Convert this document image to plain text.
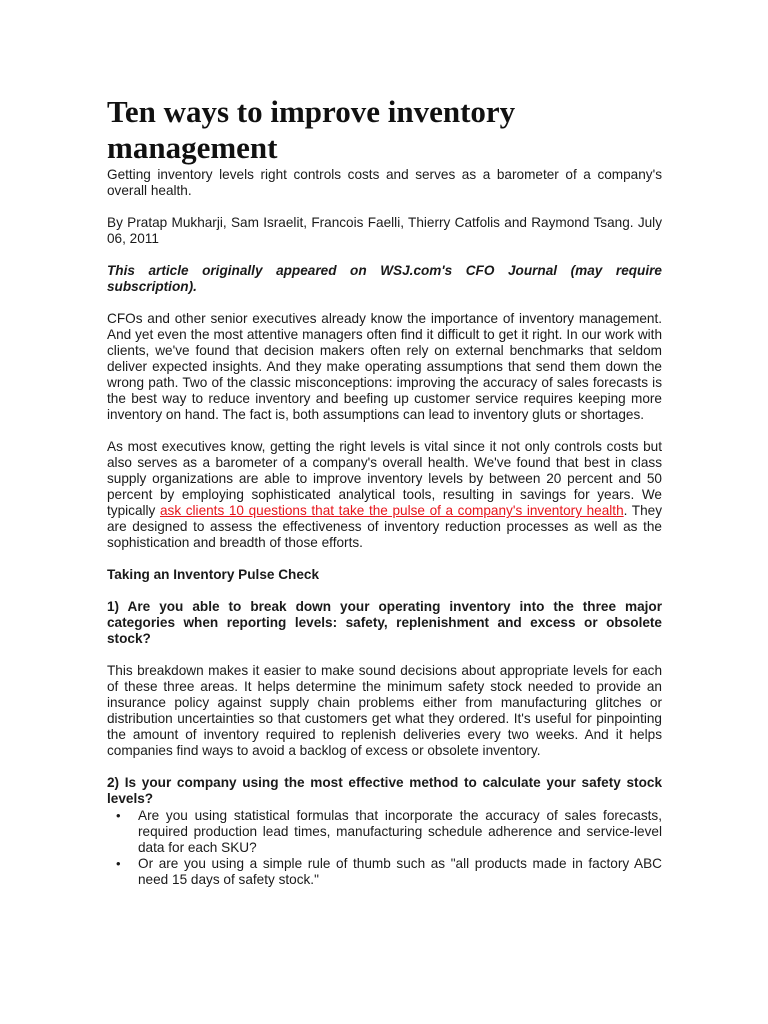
Ten ways to improve inventory management

Getting inventory levels right controls costs and serves as a barometer of a company's overall health.

By Pratap Mukharji, Sam Israelit, Francois Faelli, Thierry Catfolis and Raymond Tsang. July 06, 2011

This article originally appeared on WSJ.com's CFO Journal (may require subscription).

CFOs and other senior executives already know the importance of inventory management. And yet even the most attentive managers often find it difficult to get it right. In our work with clients, we've found that decision makers often rely on external benchmarks that seldom deliver expected insights. And they make operating assumptions that send them down the wrong path. Two of the classic misconceptions: improving the accuracy of sales forecasts is the best way to reduce inventory and beefing up customer service requires keeping more inventory on hand. The fact is, both assumptions can lead to inventory gluts or shortages.

As most executives know, getting the right levels is vital since it not only controls costs but also serves as a barometer of a company's overall health. We've found that best in class supply organizations are able to improve inventory levels by between 20 percent and 50 percent by employing sophisticated analytical tools, resulting in savings for years. We typically ask clients 10 questions that take the pulse of a company's inventory health. They are designed to assess the effectiveness of inventory reduction processes as well as the sophistication and breadth of those efforts.

Taking an Inventory Pulse Check

1) Are you able to break down your operating inventory into the three major categories when reporting levels: safety, replenishment and excess or obsolete stock?

This breakdown makes it easier to make sound decisions about appropriate levels for each of these three areas. It helps determine the minimum safety stock needed to provide an insurance policy against supply chain problems either from manufacturing glitches or distribution uncertainties so that customers get what they ordered. It's useful for pinpointing the amount of inventory required to replenish deliveries every two weeks. And it helps companies find ways to avoid a backlog of excess or obsolete inventory.

2) Is your company using the most effective method to calculate your safety stock levels?

• Are you using statistical formulas that incorporate the accuracy of sales forecasts, required production lead times, manufacturing schedule adherence and service-level data for each SKU?
• Or are you using a simple rule of thumb such as "all products made in factory ABC need 15 days of safety stock."
